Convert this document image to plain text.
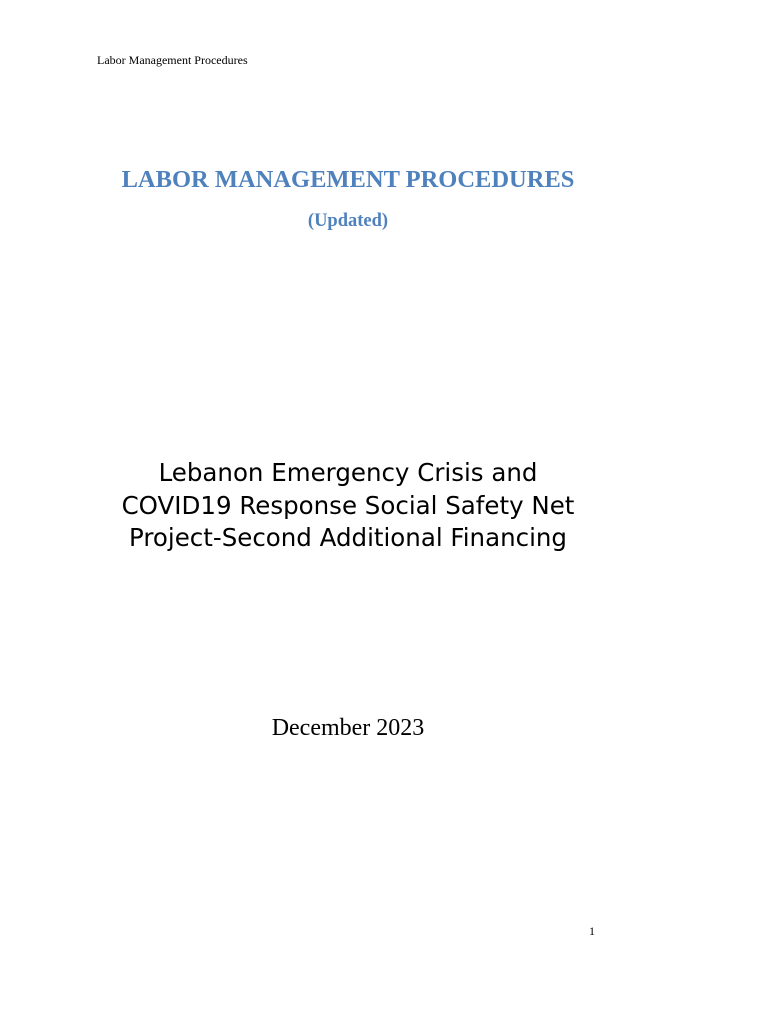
Labor Management Procedures
LABOR MANAGEMENT PROCEDURES
(Updated)
Lebanon Emergency Crisis and
COVID19 Response Social Safety Net
Project-Second Additional Financing
December 2023
1
